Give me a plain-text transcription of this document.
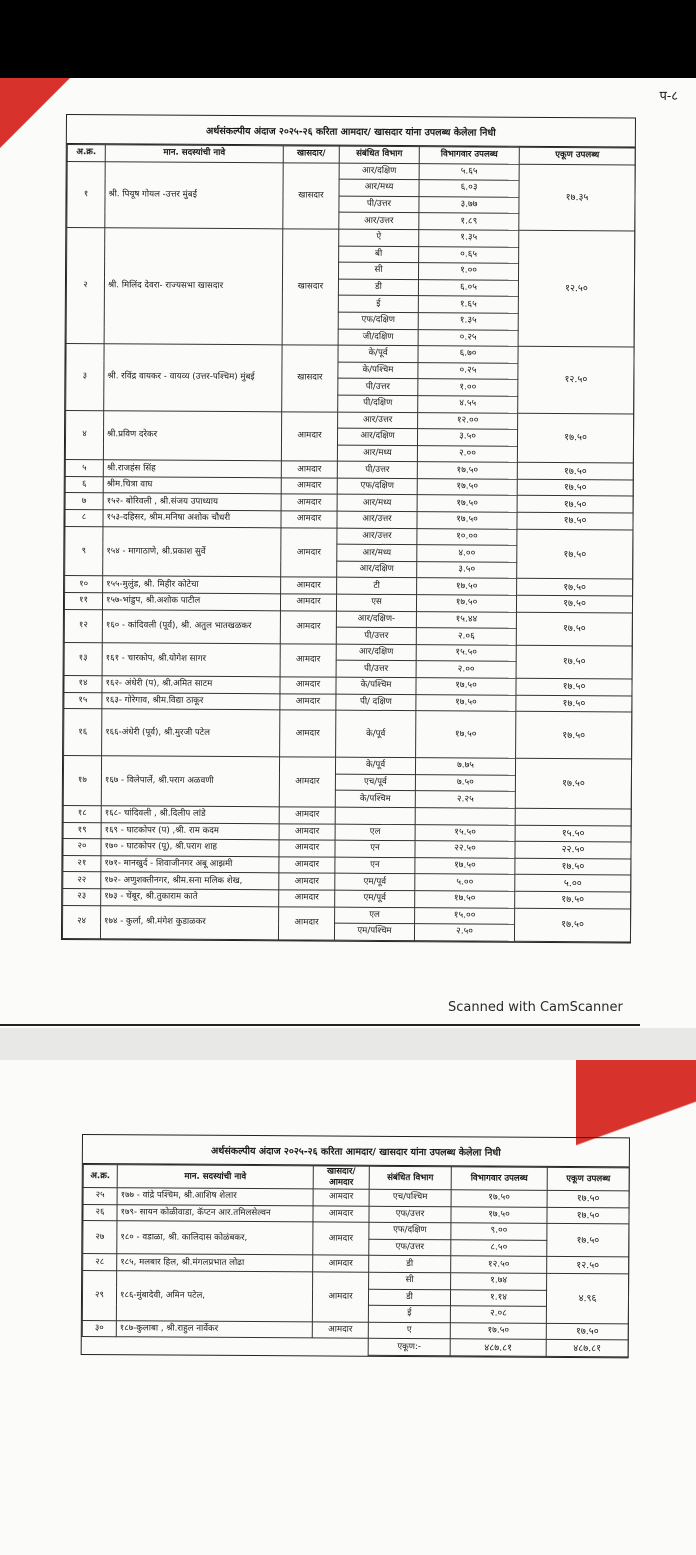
प-८
अर्थसंकल्पीय अंदाज २०२५-२६ करिता आमदार/ खासदार यांना उपलब्ध केलेला निधी
अ.क्र.	मान. सदस्यांची नावे	खासदार/	संबंधित विभाग	विभागवार उपलब्ध	एकूण उपलब्ध
१	श्री. पियूष गोयल -उत्तर मुंबई	खासदार	आर/दक्षिण	५.६५	१७.३५
			आर/मध्य	६.०३	
			पी/उत्तर	३.७७	
			आर/उत्तर	१.८९	
२	श्री. मिलिंद देवरा- राज्यसभा खासदार	खासदार	ऐ	१.३५	१२.५०
			बी	०.६५	
			सी	१.००	
			डी	६.०५	
			ई	१.६५	
			एफ/दक्षिण	१.३५	
			जी/दक्षिण	०.२५	
३	श्री. रविंद्र वायकर - वायव्य (उत्तर-पश्चिम) मुंबई	खासदार	के/पूर्व	६.७०	१२.५०
			के/पश्चिम	०.२५	
			पी/उत्तर	१.००	
			पी/दक्षिण	४.५५	
४	श्री.प्रविण दरेकर	आमदार	आर/उत्तर	१२.००	१७.५०
			आर/दक्षिण	३.५०	
			आर/मध्य	२.००	
५	श्री.राजहंस सिंह	आमदार	पी/उत्तर	१७.५०	१७.५०
६	श्रीम.चित्रा वाघ	आमदार	एफ/दक्षिण	१७.५०	१७.५०
७	१५२- बोरिवली , श्री.संजय उपाध्याय	आमदार	आर/मध्य	१७.५०	१७.५०
८	१५३-दहिसर, श्रीम.मनिषा अशोक चौधरी	आमदार	आर/उत्तर	१७.५०	१७.५०
९	१५४ - मागाठाणे, श्री.प्रकाश सुर्वे	आमदार	आर/उत्तर	१०.००	१७.५०
			आर/मध्य	४.००	
			आर/दक्षिण	३.५०	
१०	१५५-मुलुंड, श्री. मिहीर कोटेचा	आमदार	टी	१७.५०	१७.५०
११	१५७-भांडुप, श्री.अशोक पाटील	आमदार	एस	१७.५०	१७.५०
१२	१६० - कांदिवली (पूर्व), श्री. अतुल भातखळकर	आमदार	आर/दक्षिण-	१५.४४	१७.५०
			पी/उत्तर	२.०६	
१३	१६१ - चारकोप, श्री.योगेश सागर	आमदार	आर/दक्षिण	१५.५०	१७.५०
			पी/उत्तर	२.००	
१४	१६२- अंधेरी (प), श्री.अमित साटम	आमदार	के/पश्चिम	१७.५०	१७.५०
१५	१६३- गोरेगाव, श्रीम.विद्या ठाकूर	आमदार	पी/ दक्षिण	१७.५०	१७.५०
१६	१६६-अंधेरी (पूर्व), श्री.मुरजी पटेल	आमदार	के/पूर्व	१७.५०	१७.५०
१७	१६७ - विलेपार्ले, श्री.पराग अळवणी	आमदार	के/पूर्व	७.७५	१७.५०
			एच/पूर्व	७.५०	
			के/पश्चिम	२.२५	
१८	१६८- चांदिवली , श्री.दिलीप लांडे	आमदार			
१९	१६९ - घाटकोपर (प) ,श्री. राम कदम	आमदार	एल	१५.५०	१५.५०
२०	१७० - घाटकोपर (पू), श्री.पराग शाह	आमदार	एन	२२.५०	२२.५०
२१	१७१- मानखुर्द - शिवाजीनगर अबू आझमी	आमदार	एन	१७.५०	१७.५०
२२	१७२- अणुशक्तीनगर, श्रीम.सना मलिक शेख,	आमदार	एम/पूर्व	५.००	५.००
२३	१७३ - चेंबूर, श्री.तुकाराम काते	आमदार	एम/पूर्व	१७.५०	१७.५०
२४	१७४ - कुर्ला, श्री.मंगेश कुडाळकर	आमदार	एल	१५.००	१७.५०
			एम/पश्चिम	२.५०	
Scanned with CamScanner
अर्थसंकल्पीय अंदाज २०२५-२६ करिता आमदार/ खासदार यांना उपलब्ध केलेला निधी
अ.क्र.	मान. सदस्यांची नावे	खासदार/ आमदार	संबंधित विभाग	विभागवार उपलब्ध	एकूण उपलब्ध
२५	१७७ - वांद्रे पश्चिम, श्री.आशिष शेलार	आमदार	एच/पश्चिम	१७.५०	१७.५०
२६	१७९- सायन कोळीवाडा, कॅप्टन आर.तमिलसेल्वन	आमदार	एफ/उत्तर	१७.५०	१७.५०
२७	१८० - वडाळा, श्री. कालिदास कोळंबकर,	आमदार	एफ/दक्षिण	९.००	१७.५०
			एफ/उत्तर	८.५०	
२८	१८५, मलबार हिल, श्री.मंगलप्रभात लोढा	आमदार	डी	१२.५०	१२.५०
२९	१८६-मुंबादेवी, अमिन पटेल,	आमदार	सी	१.७४	४.९६
			डी	१.१४	
			ई	२.०८	
३०	१८७-कुलाबा , श्री.राहुल नार्वेकर	आमदार	ए	१७.५०	१७.५०
			एकूण:-	४८७.८१	४८७.८१
